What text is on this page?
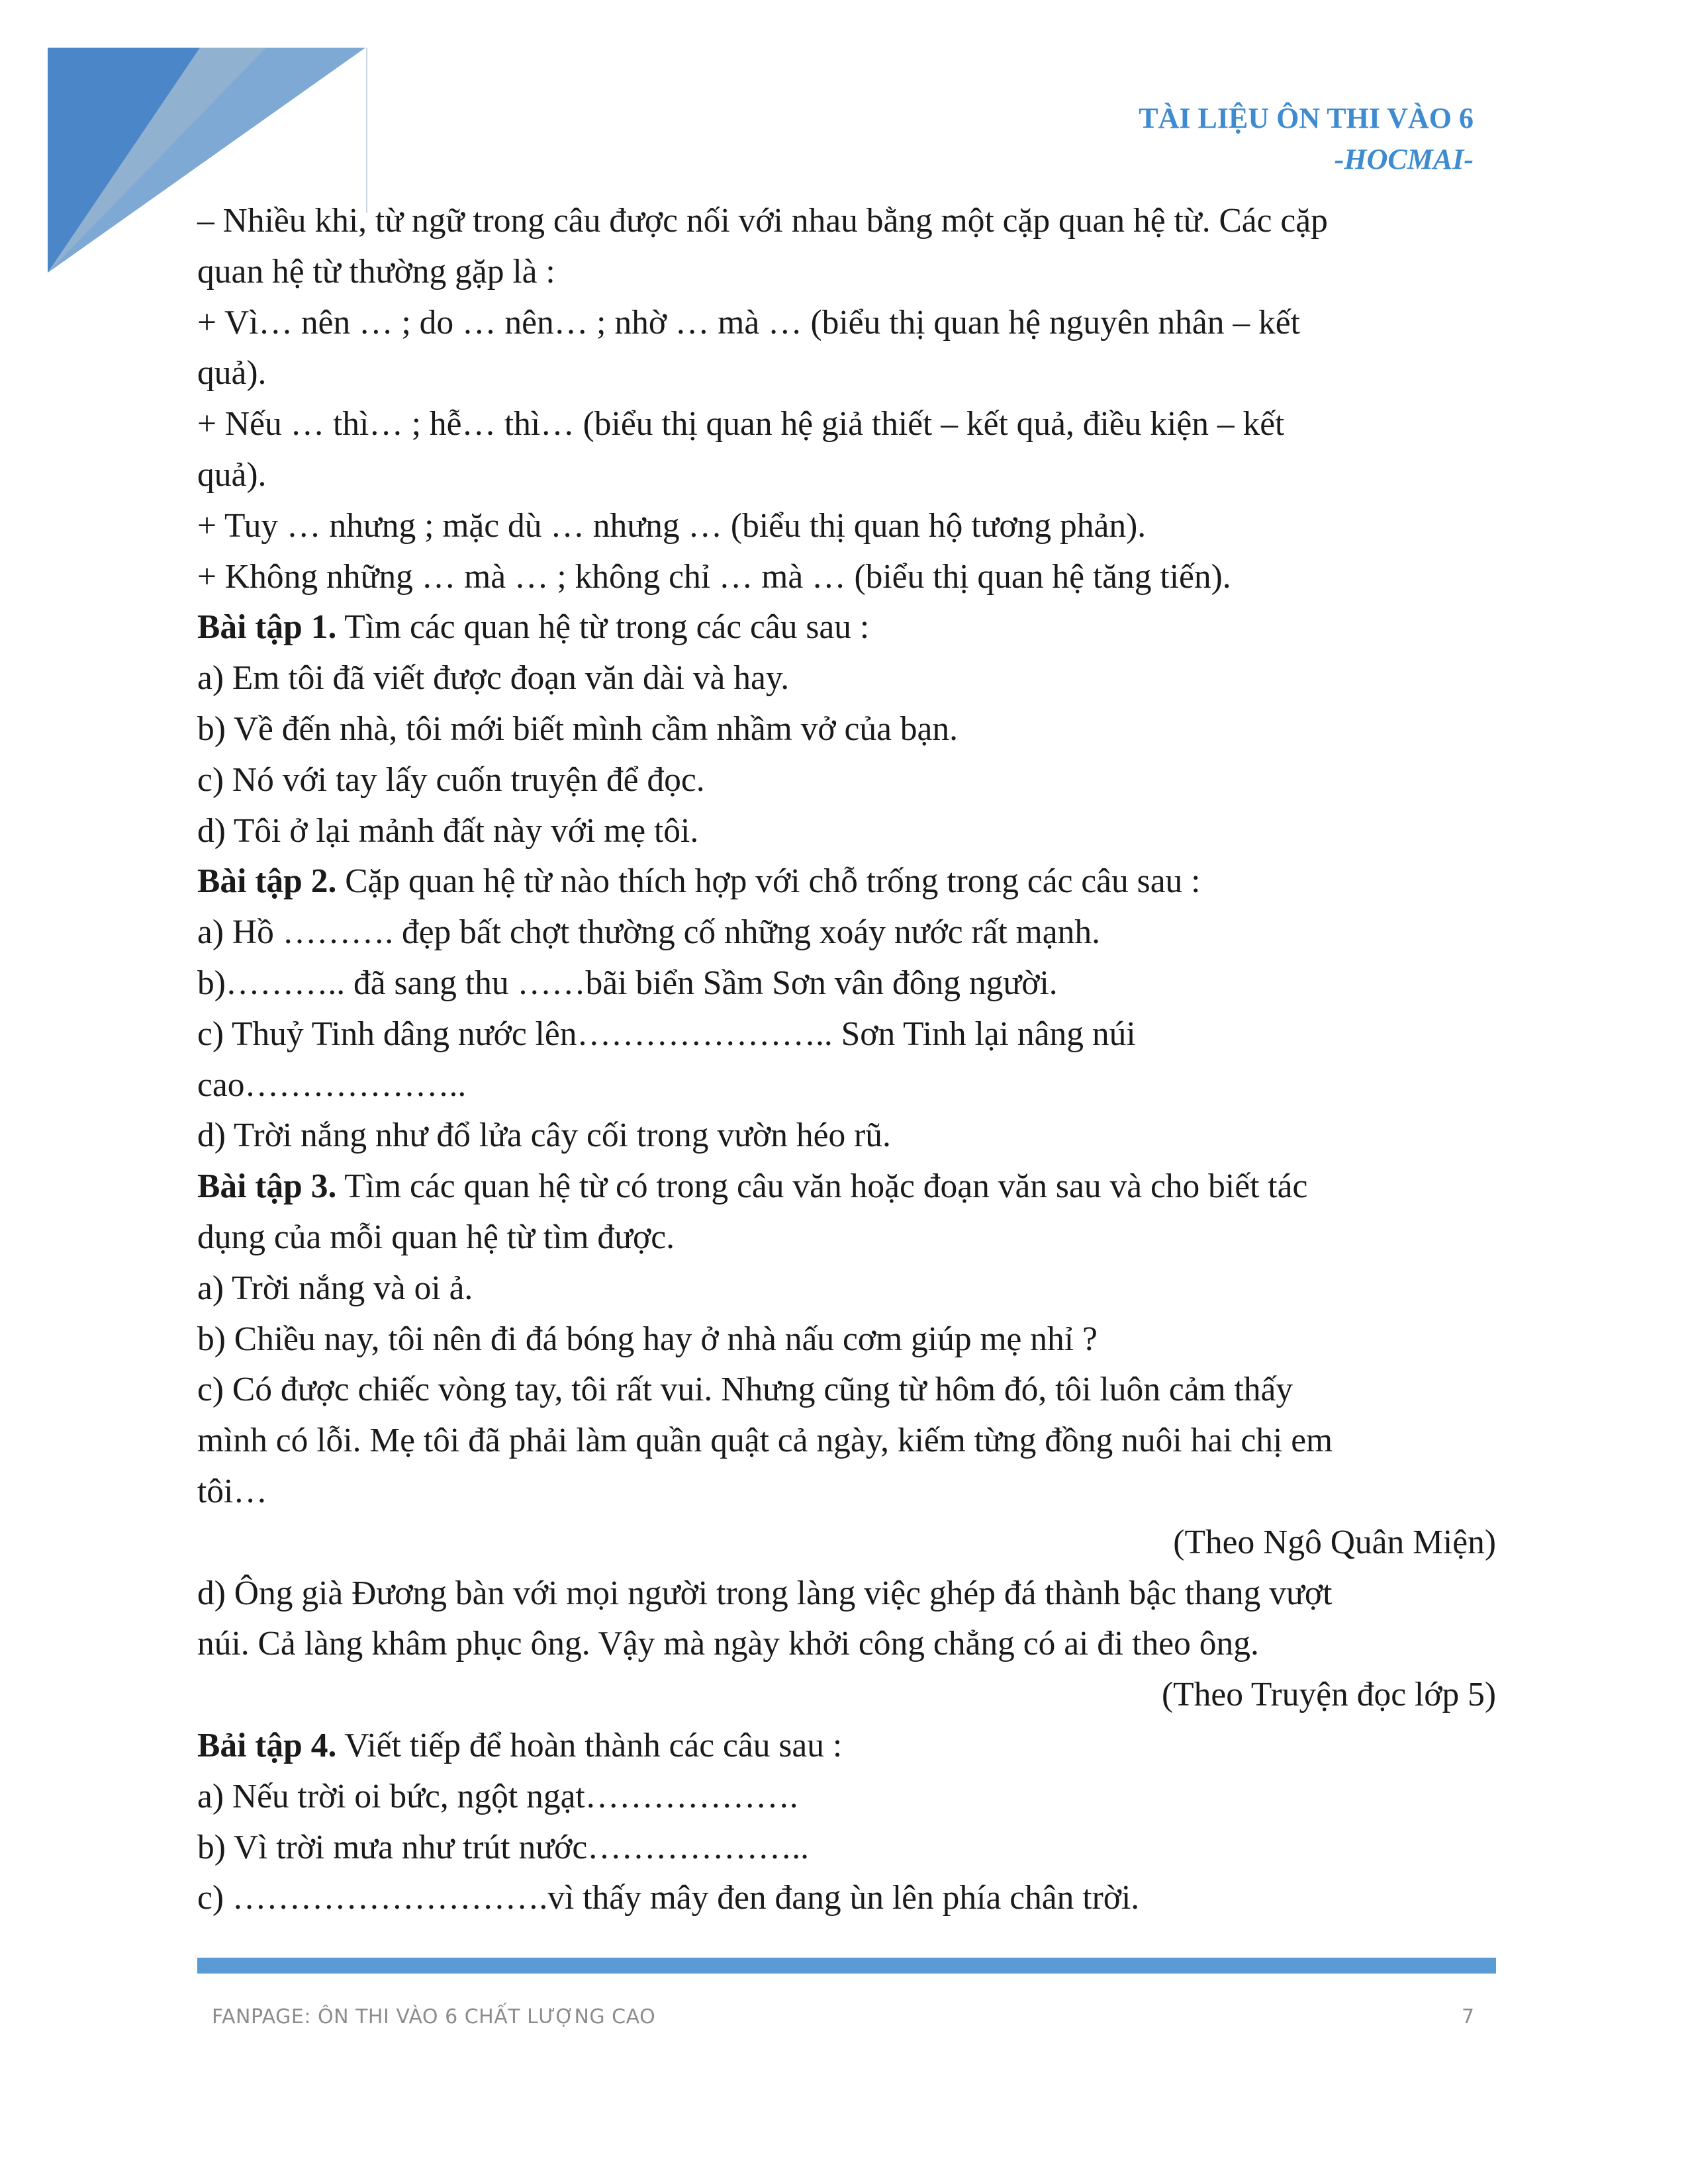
TÀI LIỆU ÔN THI VÀO 6
-HOCMAI-
– Nhiều khi, từ ngữ trong câu được nối với nhau bằng một cặp quan hệ từ. Các cặp
quan hệ từ thường gặp là :
+ Vì… nên … ; do … nên… ; nhờ … mà … (biểu thị quan hệ nguyên nhân – kết
quả).
+ Nếu … thì… ; hễ… thì… (biểu thị quan hệ giả thiết – kết quả, điều kiện – kết
quả).
+ Tuy … nhưng ; mặc dù … nhưng … (biểu thị quan hộ tương phản).
+ Không những … mà … ; không chỉ … mà … (biểu thị quan hệ tăng tiến).
Bài tập 1. Tìm các quan hệ từ trong các câu sau :
a) Em tôi đã viết được đoạn văn dài và hay.
b) Về đến nhà, tôi mới biết mình cầm nhầm vở của bạn.
c) Nó với tay lấy cuốn truyện để đọc.
d) Tôi ở lại mảnh đất này với mẹ tôi.
Bài tập 2. Cặp quan hệ từ nào thích hợp với chỗ trống trong các câu sau :
a) Hồ ………. đẹp bất chợt thường cố những xoáy nước rất mạnh.
b)……….. đã sang thu ……bãi biển Sầm Sơn vân đông người.
c) Thuỷ Tinh dâng nước lên………………….. Sơn Tinh lại nâng núi
cao………………..
d) Trời nắng như đổ lửa cây cối trong vườn héo rũ.
Bài tập 3. Tìm các quan hệ từ có trong câu văn hoặc đoạn văn sau và cho biết tác
dụng của mỗi quan hệ từ tìm được.
a) Trời nắng và oi ả.
b) Chiều nay, tôi nên đi đá bóng hay ở nhà nấu cơm giúp mẹ nhỉ ?
c) Có được chiếc vòng tay, tôi rất vui. Nhưng cũng từ hôm đó, tôi luôn cảm thấy
mình có lỗi. Mẹ tôi đã phải làm quần quật cả ngày, kiếm từng đồng nuôi hai chị em
tôi…
(Theo Ngô Quân Miện)
d) Ông già Đương bàn với mọi người trong làng việc ghép đá thành bậc thang vượt
núi. Cả làng khâm phục ông. Vậy mà ngày khởi công chẳng có ai đi theo ông.
(Theo Truyện đọc lớp 5)
Bải tập 4. Viết tiếp để hoàn thành các câu sau :
a) Nếu trời oi bức, ngột ngạt……………….
b) Vì trời mưa như trút nước………………..
c) ……………………….vì thấy mây đen đang ùn lên phía chân trời.
FANPAGE: ÔN THI VÀO 6 CHẤT LƯỢNG CAO	7
